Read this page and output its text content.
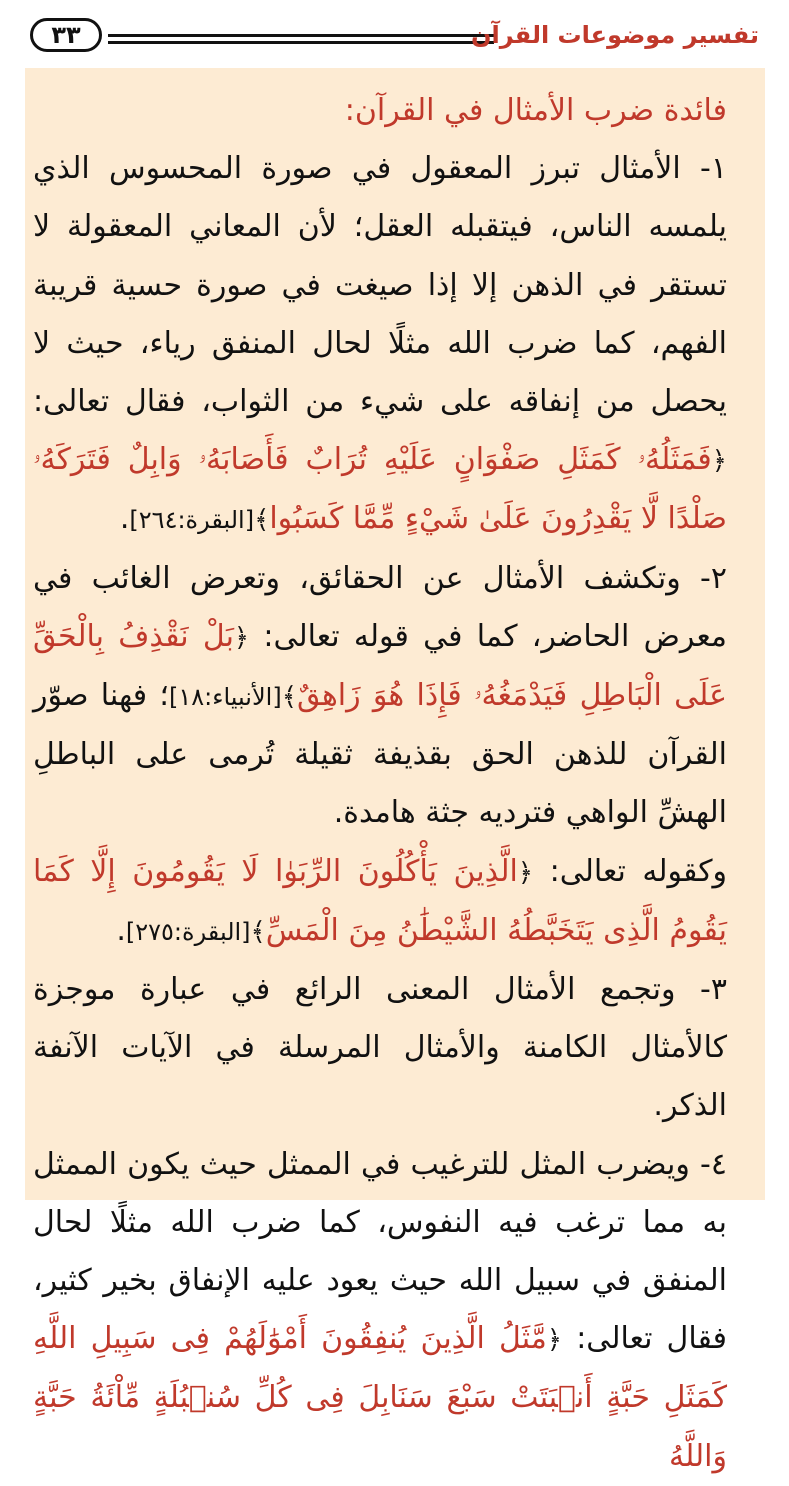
٣٣	تفسير موضوعات القرآن

فائدة ضرب الأمثال في القرآن:

١- الأمثال تبرز المعقول في صورة المحسوس الذي يلمسه الناس، فيتقبله العقل؛ لأن المعاني المعقولة لا تستقر في الذهن إلا إذا صيغت في صورة حسية قريبة الفهم، كما ضرب الله مثلًا لحال المنفق رياء، حيث لا يحصل من إنفاقه على شيء من الثواب، فقال تعالى: ﴿فَمَثَلُهُۥ كَمَثَلِ صَفْوَانٍ عَلَيْهِ تُرَابٌ فَأَصَابَهُۥ وَابِلٌ فَتَرَكَهُۥ صَلْدًا لَّا يَقْدِرُونَ عَلَىٰ شَيْءٍ مِّمَّا كَسَبُوا﴾[البقرة:٢٦٤].

٢- وتكشف الأمثال عن الحقائق، وتعرض الغائب في معرض الحاضر، كما في قوله تعالى: ﴿بَلْ نَقْذِفُ بِالْحَقِّ عَلَى الْبَاطِلِ فَيَدْمَغُهُۥ فَإِذَا هُوَ زَاهِقٌ﴾[الأنبياء:١٨]؛ فهنا صوّر القرآن للذهن الحق بقذيفة ثقيلة تُرمى على الباطلِ الهشِّ الواهي فترديه جثة هامدة.

وكقوله تعالى: ﴿الَّذِينَ يَأْكُلُونَ الرِّبَوٰا لَا يَقُومُونَ إِلَّا كَمَا يَقُومُ الَّذِى يَتَخَبَّطُهُ الشَّيْطَٰنُ مِنَ الْمَسِّ﴾[البقرة:٢٧٥].

٣- وتجمع الأمثال المعنى الرائع في عبارة موجزة كالأمثال الكامنة والأمثال المرسلة في الآيات الآنفة الذكر.

٤- ويضرب المثل للترغيب في الممثل حيث يكون الممثل به مما ترغب فيه النفوس، كما ضرب الله مثلًا لحال المنفق في سبيل الله حيث يعود عليه الإنفاق بخير كثير، فقال تعالى: ﴿مَّثَلُ الَّذِينَ يُنفِقُونَ أَمْوَٰلَهُمْ فِى سَبِيلِ اللَّهِ كَمَثَلِ حَبَّةٍ أَنۢبَتَتْ سَبْعَ سَنَابِلَ فِى كُلِّ سُنۢبُلَةٍ مِّاْئَةُ حَبَّةٍ وَاللَّهُ
